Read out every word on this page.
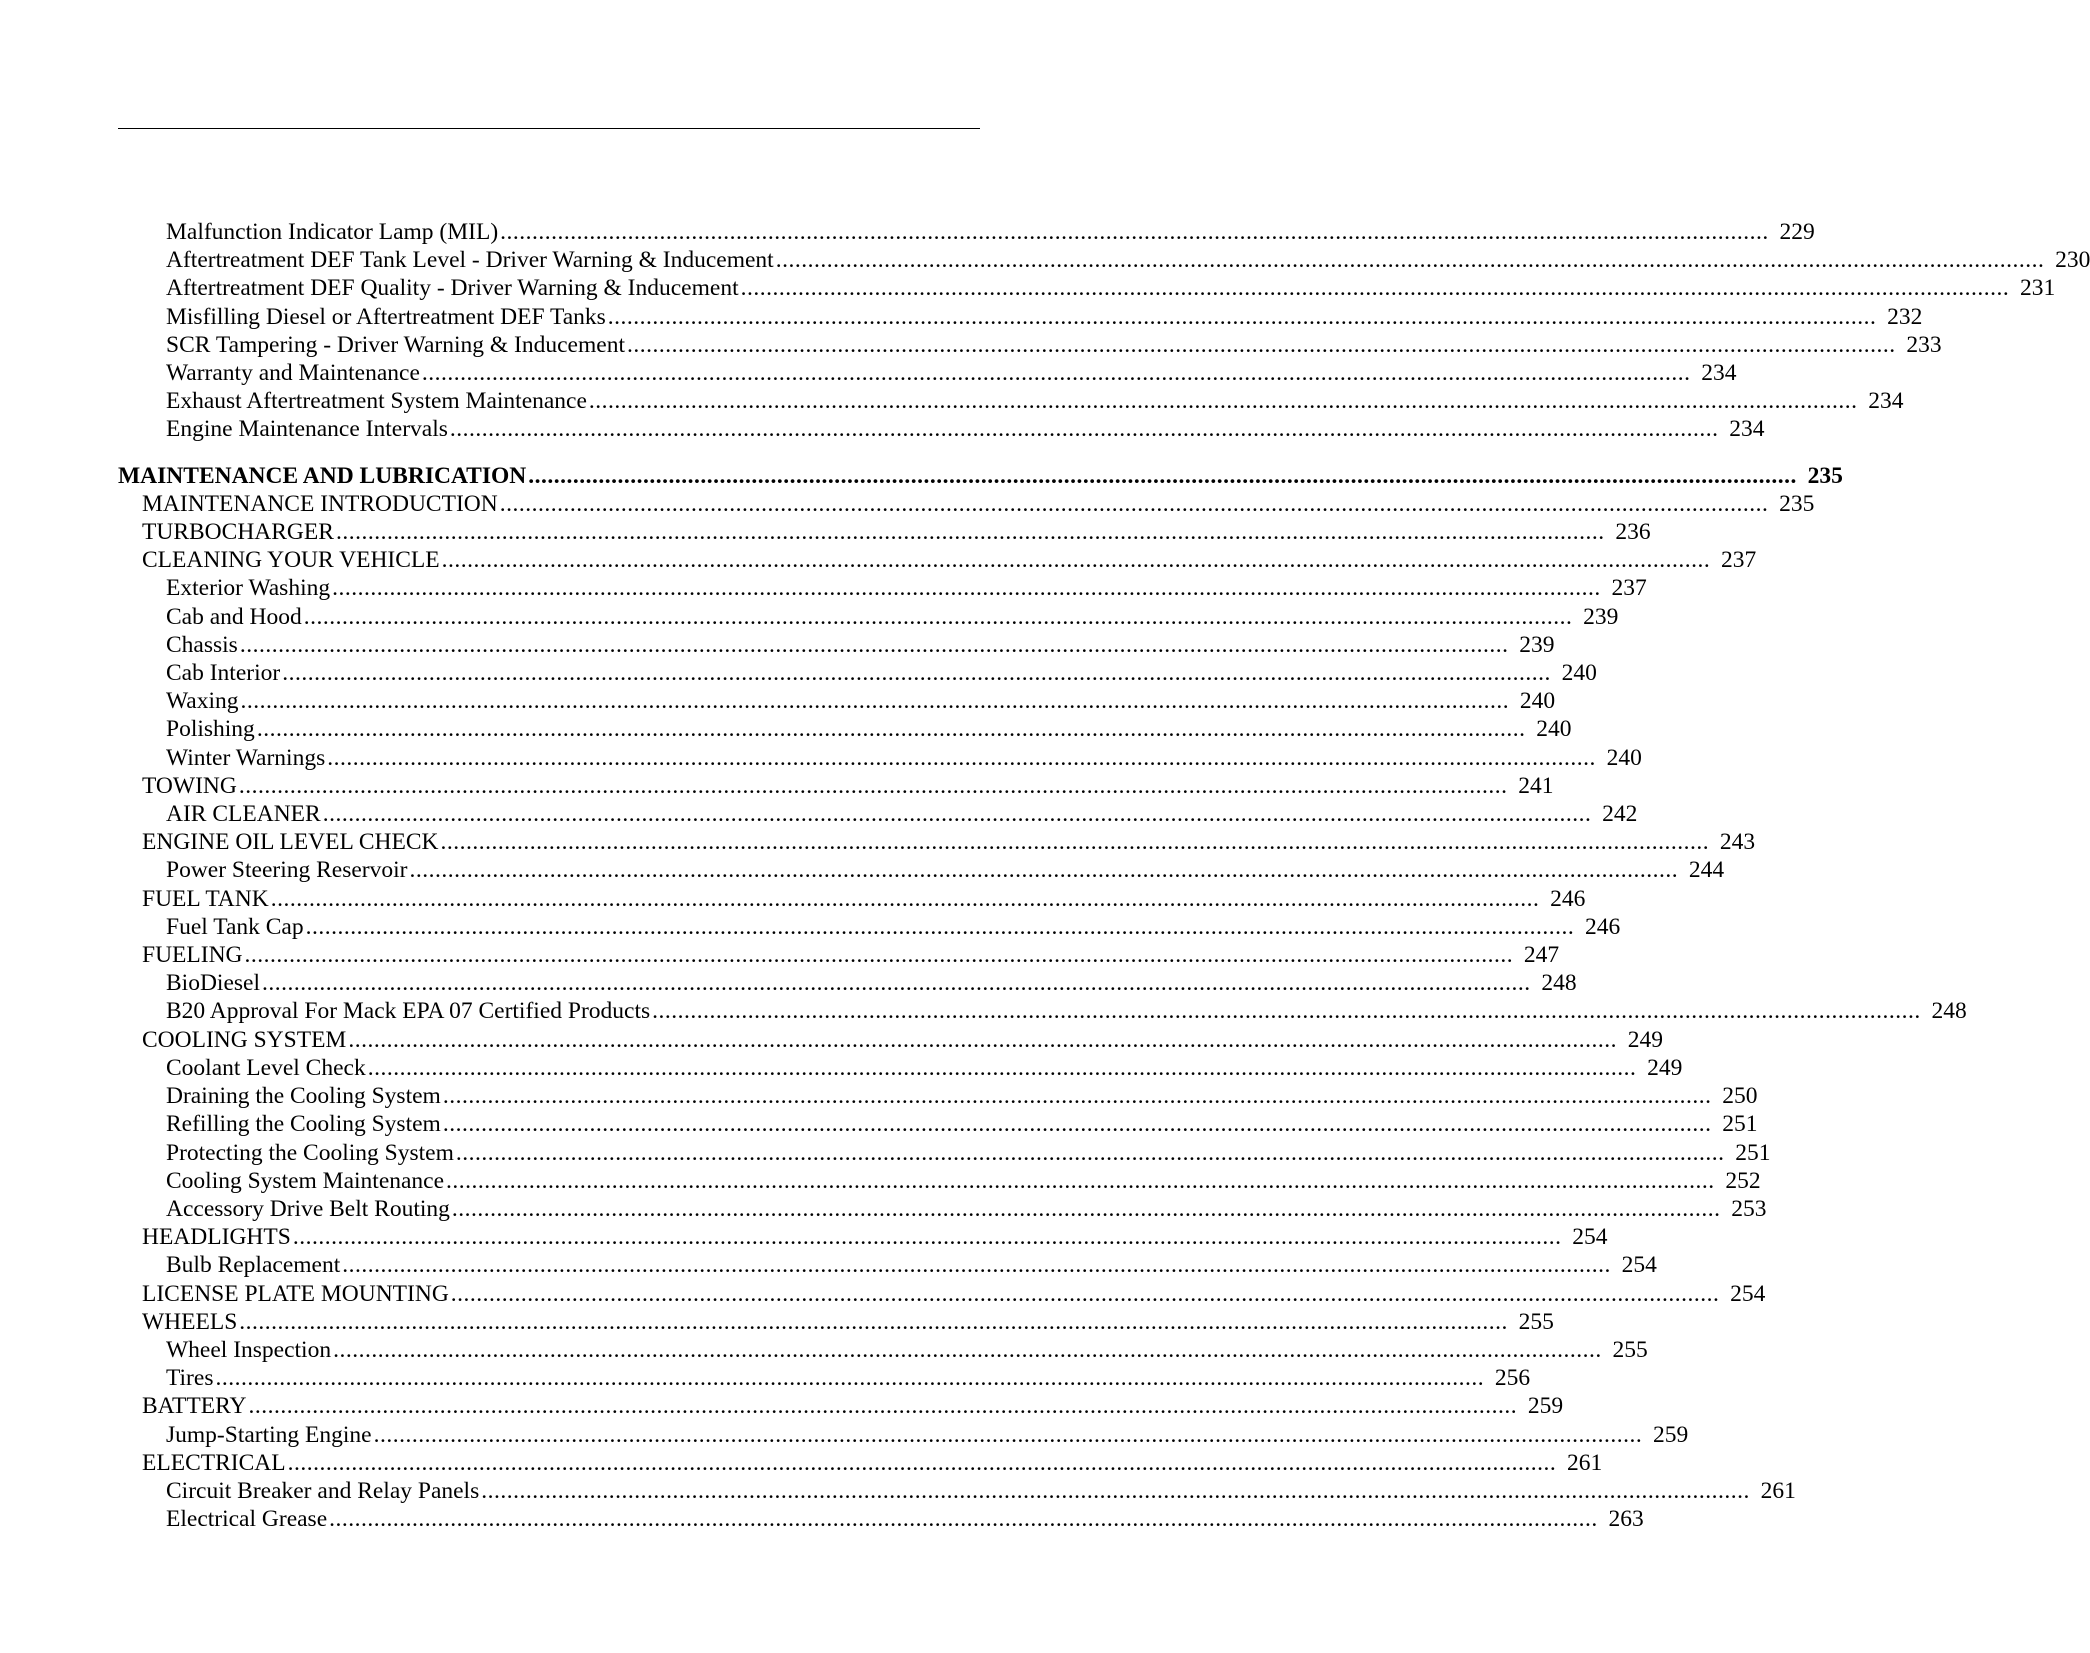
Malfunction Indicator Lamp (MIL) ....................................................................................................................................................................................................... 229
Aftertreatment DEF Tank Level - Driver Warning & Inducement ....................................................................................................................................................................................................... 230
Aftertreatment DEF Quality - Driver Warning & Inducement ....................................................................................................................................................................................................... 231
Misfilling Diesel or Aftertreatment DEF Tanks ....................................................................................................................................................................................................... 232
SCR Tampering - Driver Warning & Inducement ....................................................................................................................................................................................................... 233
Warranty and Maintenance ....................................................................................................................................................................................................... 234
Exhaust Aftertreatment System Maintenance ....................................................................................................................................................................................................... 234
Engine Maintenance Intervals ....................................................................................................................................................................................................... 234
MAINTENANCE AND LUBRICATION ....................................................................................................................................................................................................... 235
MAINTENANCE INTRODUCTION ....................................................................................................................................................................................................... 235
TURBOCHARGER ....................................................................................................................................................................................................... 236
CLEANING YOUR VEHICLE ....................................................................................................................................................................................................... 237
Exterior Washing ....................................................................................................................................................................................................... 237
Cab and Hood ....................................................................................................................................................................................................... 239
Chassis ....................................................................................................................................................................................................... 239
Cab Interior ....................................................................................................................................................................................................... 240
Waxing ....................................................................................................................................................................................................... 240
Polishing ....................................................................................................................................................................................................... 240
Winter Warnings ....................................................................................................................................................................................................... 240
TOWING ....................................................................................................................................................................................................... 241
AIR CLEANER ....................................................................................................................................................................................................... 242
ENGINE OIL LEVEL CHECK ....................................................................................................................................................................................................... 243
Power Steering Reservoir ....................................................................................................................................................................................................... 244
FUEL TANK ....................................................................................................................................................................................................... 246
Fuel Tank Cap ....................................................................................................................................................................................................... 246
FUELING ....................................................................................................................................................................................................... 247
BioDiesel ....................................................................................................................................................................................................... 248
B20 Approval For Mack EPA 07 Certified Products ....................................................................................................................................................................................................... 248
COOLING SYSTEM ....................................................................................................................................................................................................... 249
Coolant Level Check ....................................................................................................................................................................................................... 249
Draining the Cooling System ....................................................................................................................................................................................................... 250
Refilling the Cooling System ....................................................................................................................................................................................................... 251
Protecting the Cooling System ....................................................................................................................................................................................................... 251
Cooling System Maintenance ....................................................................................................................................................................................................... 252
Accessory Drive Belt Routing ....................................................................................................................................................................................................... 253
HEADLIGHTS ....................................................................................................................................................................................................... 254
Bulb Replacement ....................................................................................................................................................................................................... 254
LICENSE PLATE MOUNTING ....................................................................................................................................................................................................... 254
WHEELS ....................................................................................................................................................................................................... 255
Wheel Inspection ....................................................................................................................................................................................................... 255
Tires ....................................................................................................................................................................................................... 256
BATTERY ....................................................................................................................................................................................................... 259
Jump-Starting Engine ....................................................................................................................................................................................................... 259
ELECTRICAL ....................................................................................................................................................................................................... 261
Circuit Breaker and Relay Panels ....................................................................................................................................................................................................... 261
Electrical Grease ....................................................................................................................................................................................................... 263
